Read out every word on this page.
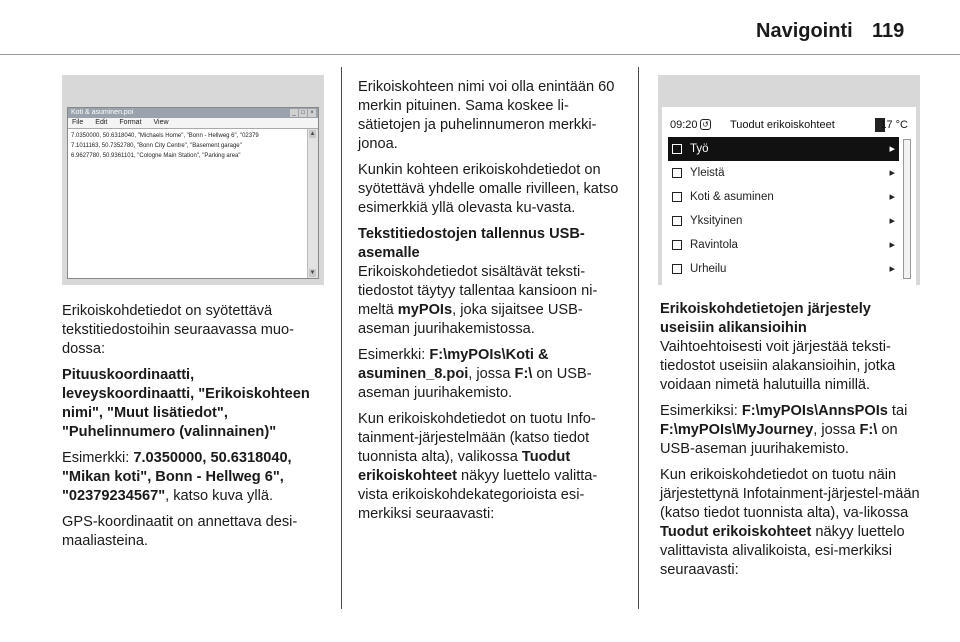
Navigointi 119
Koti & asuminen.poi	_ □ ×
File Edit Format View
7.0350000, 50.6318040, "Michaels Home", "Bonn - Hellweg 6", "02379
7.1011163, 50.7352780, "Bonn City Centre", "Basement garage"
6.9627780, 50.9361101, "Cologne Main Station", "Parking area"
▲
▼

Erikoiskohdetiedot on syötettävä tekstitiedostoihin seuraavassa muo-dossa:

Pituuskoordinaatti, leveyskoordinaatti, "Erikoiskohteen nimi", "Muut lisätiedot", "Puhelinnumero (valinnainen)"

Esimerkki: 7.0350000, 50.6318040, "Mikan koti", Bonn - Hellweg 6", "02379234567", katso kuva yllä.

GPS-koordinaatit on annettava desi-maaliasteina.

Erikoiskohteen nimi voi olla enintään 60 merkin pituinen. Sama koskee li-sätietojen ja puhelinnumeron merkki-jonoa.

Kunkin kohteen erikoiskohdetiedot on syötettävä yhdelle omalle rivilleen, katso esimerkkiä yllä olevasta ku-vasta.

Tekstitiedostojen tallennus USB-asemalle

Erikoiskohdetiedot sisältävät teksti-tiedostot täytyy tallentaa kansioon ni-meltä myPOIs, joka sijaitsee USB-aseman juurihakemistossa.

Esimerkki: F:\myPOIs\Koti & asuminen_8.poi, jossa F:\ on USB-aseman juurihakemisto.

Kun erikoiskohdetiedot on tuotu Info-tainment-järjestelmään (katso tiedot tuonnista alta), valikossa Tuodut erikoiskohteet näkyy luettelo valitta-vista erikoiskohdekategorioista esi-merkiksi seuraavasti:

09:20 ↺ Tuodut erikoiskohteet	17 °C
Työ	▸
Yleistä	▸
Koti & asuminen	▸
Yksityinen	▸
Ravintola	▸
Urheilu	▸
Erikoiskohdetietojen järjestely useisiin alikansioihin

Vaihtoehtoisesti voit järjestää teksti-tiedostot useisiin alakansioihin, jotka voidaan nimetä halutuilla nimillä.

Esimerkiksi: F:\myPOIs\AnnsPOIs tai F:\myPOIs\MyJourney, jossa F:\ on USB-aseman juurihakemisto.

Kun erikoiskohdetiedot on tuotu näin järjestettynä Infotainment-järjestel-mään (katso tiedot tuonnista alta), va-likossa Tuodut erikoiskohteet näkyy luettelo valittavista alivalikoista, esi-merkiksi seuraavasti:
